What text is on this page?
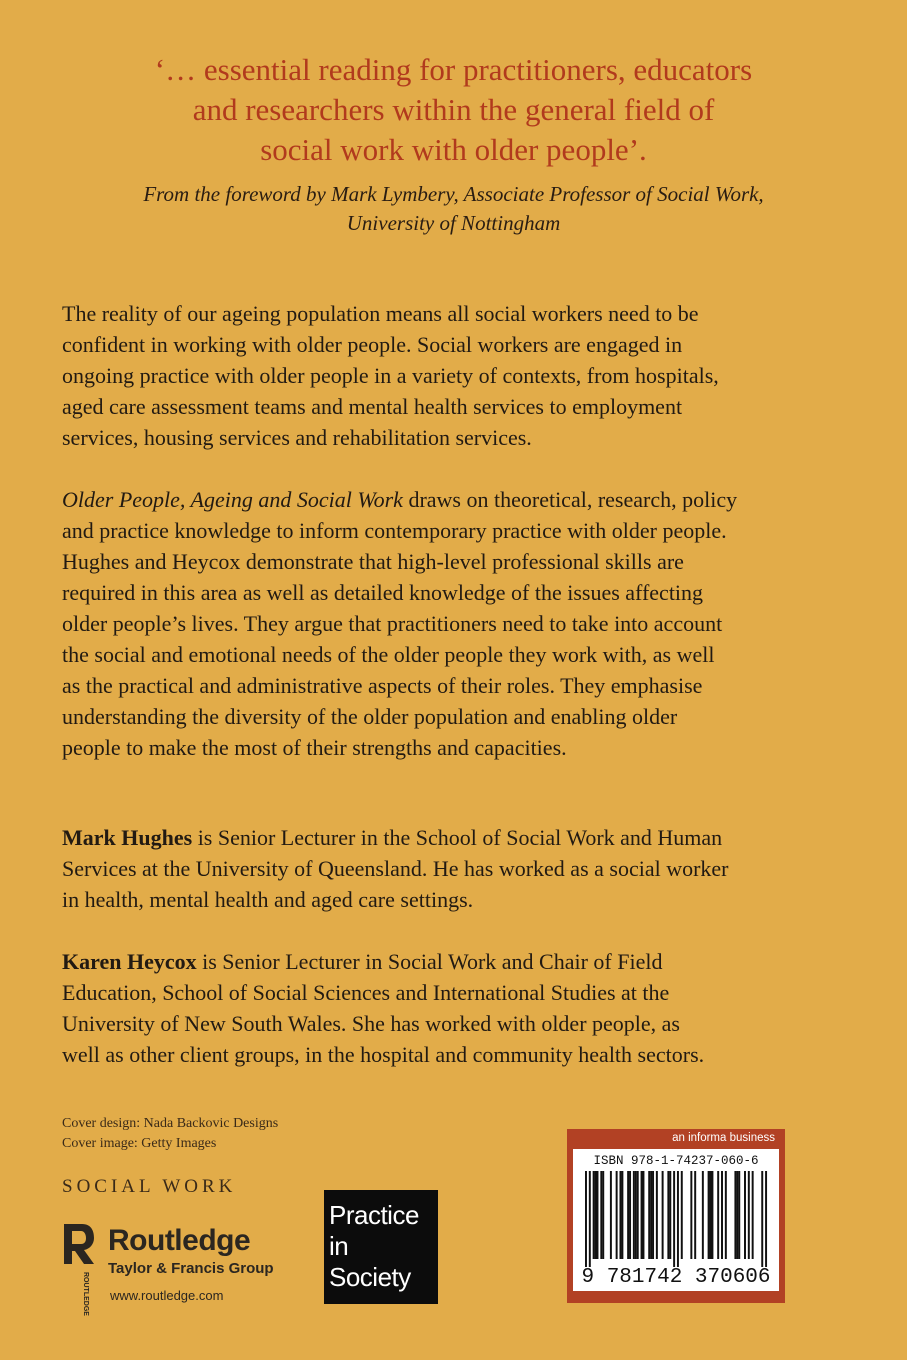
‘… essential reading for practitioners, educators
and researchers within the general field of
social work with older people’.
From the foreword by Mark Lymbery, Associate Professor of Social Work,
University of Nottingham
The reality of our ageing population means all social workers need to be
confident in working with older people. Social workers are engaged in
ongoing practice with older people in a variety of contexts, from hospitals,
aged care assessment teams and mental health services to employment
services, housing services and rehabilitation services.
Older People, Ageing and Social Work draws on theoretical, research, policy
and practice knowledge to inform contemporary practice with older people.
Hughes and Heycox demonstrate that high-level professional skills are
required in this area as well as detailed knowledge of the issues affecting
older people’s lives. They argue that practitioners need to take into account
the social and emotional needs of the older people they work with, as well
as the practical and administrative aspects of their roles. They emphasise
understanding the diversity of the older population and enabling older
people to make the most of their strengths and capacities.
Mark Hughes is Senior Lecturer in the School of Social Work and Human
Services at the University of Queensland. He has worked as a social worker
in health, mental health and aged care settings.
Karen Heycox is Senior Lecturer in Social Work and Chair of Field
Education, School of Social Sciences and International Studies at the
University of New South Wales. She has worked with older people, as
well as other client groups, in the hospital and community health sectors.
Cover design: Nada Backovic Designs
Cover image: Getty Images
SOCIAL WORK
ROUTLEDGE
Routledge
Taylor & Francis Group
www.routledge.com
Practice
in
Society
an informa business
ISBN 978-1-74237-060-6
9 781742 370606
